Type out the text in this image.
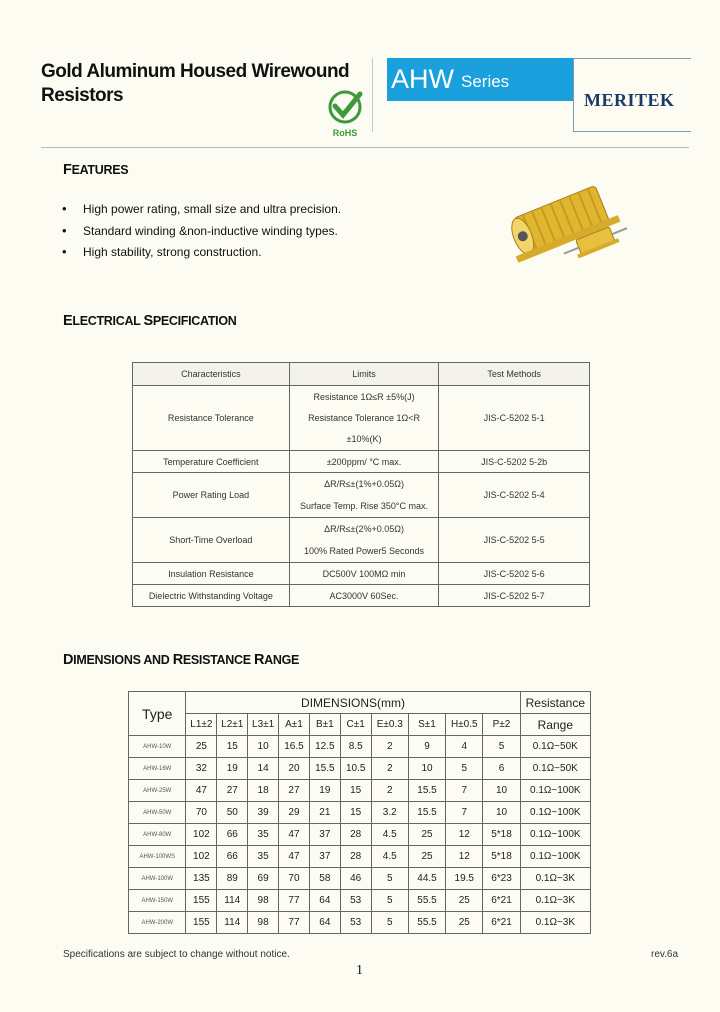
Gold Aluminum Housed Wirewound
Resistors
RoHS
AHW Series
MERITEK
FEATURES
• High power rating, small size and ultra precision.
• Standard winding &non-inductive winding types.
• High stability, strong construction.
ELECTRICAL SPECIFICATION
Characteristics	Limits	Test Methods
Resistance Tolerance	Resistance 1Ω≤R ±5%(J)
Resistance Tolerance 1Ω<R
±10%(K)	JIS-C-5202 5-1
Temperature Coefficient	±200ppm/ °C max.	JIS-C-5202 5-2b
Power Rating Load	ΔR/R≤±(1%+0.05Ω)
Surface Temp. Rise 350°C max.	JIS-C-5202 5-4
Short-Time Overload	ΔR/R≤±(2%+0.05Ω)
100% Rated Power5 Seconds	JIS-C-5202 5-5
Insulation Resistance	DC500V 100MΩ min	JIS-C-5202 5-6
Dielectric Withstanding Voltage	AC3000V 60Sec.	JIS-C-5202 5-7
DIMENSIONS AND RESISTANCE RANGE
Type	DIMENSIONS(mm)										Resistance
	L1±2	L2±1	L3±1	A±1	B±1	C±1	E±0.3	S±1	H±0.5	P±2	Range
AHW-10W	25	15	10	16.5	12.5	8.5	2	9	4	5	0.1Ω~50K
AHW-16W	32	19	14	20	15.5	10.5	2	10	5	6	0.1Ω~50K
AHW-25W	47	27	18	27	19	15	2	15.5	7	10	0.1Ω~100K
AHW-50W	70	50	39	29	21	15	3.2	15.5	7	10	0.1Ω~100K
AHW-80W	102	66	35	47	37	28	4.5	25	12	5*18	0.1Ω~100K
AHW-100WS	102	66	35	47	37	28	4.5	25	12	5*18	0.1Ω~100K
AHW-100W	135	89	69	70	58	46	5	44.5	19.5	6*23	0.1Ω~3K
AHW-150W	155	114	98	77	64	53	5	55.5	25	6*21	0.1Ω~3K
AHW-200W	155	114	98	77	64	53	5	55.5	25	6*21	0.1Ω~3K
Specifications are subject to change without notice.	rev.6a
1
